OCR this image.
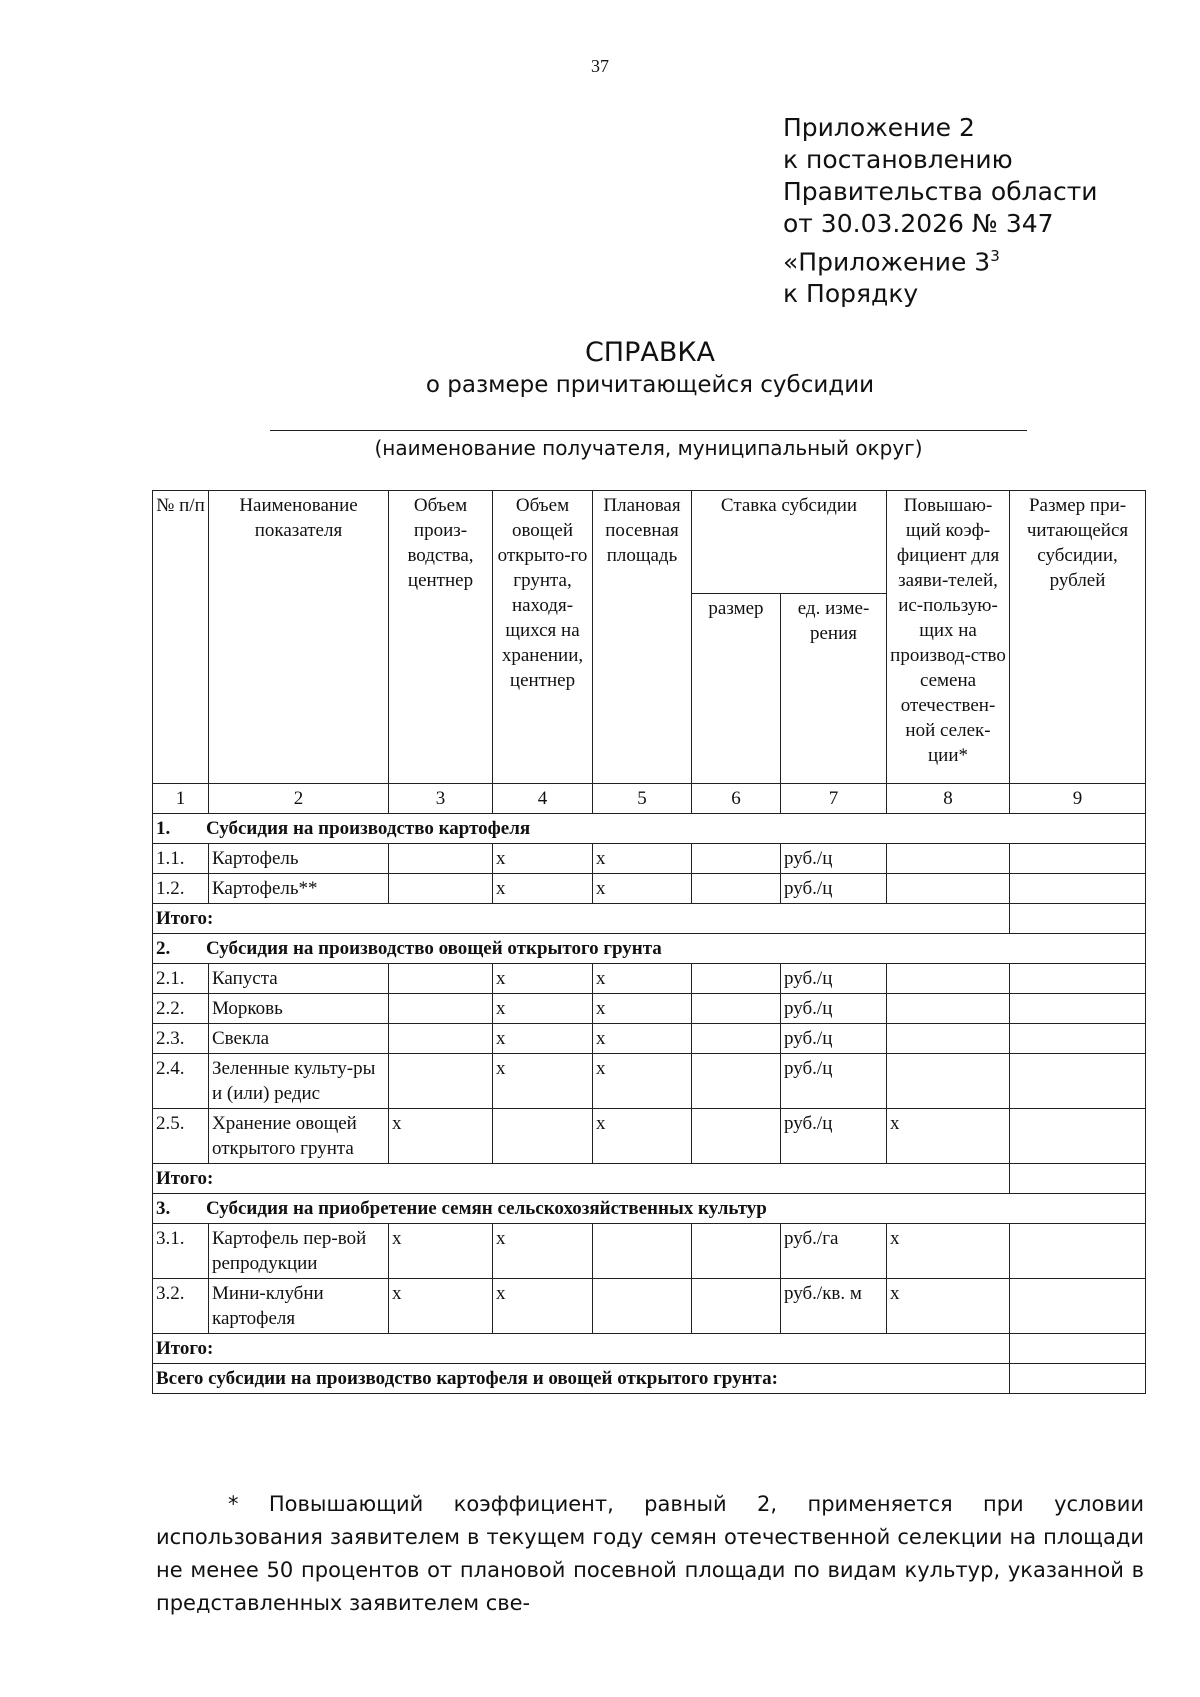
37
Приложение 2
к постановлению
Правительства области
от 30.03.2026 № 347
«Приложение $3^3$
к Порядку
СПРАВКА
о размере причитающейся субсидии
(наименование получателя, муниципальный округ)
№ п/п	Наименование показателя	Объем произ-водства, центнер	Объем овощей открыто-го грунта, находя-щихся на хранении, центнер	Плановая посевная площадь	Ставка субсидии		Повышаю-щий коэф-фициент для заяви-телей, ис-пользую-щих на производ-ство семена отечествен-ной селек-ции*	Размер при-читающейся субсидии, рублей
					размер	ед. изме-рения		
1	2	3	4	5	6	7	8	9
1. Субсидия на производство картофеля								
1.1.	Картофель		x	x		руб./ц		
1.2.	Картофель**		x	x		руб./ц		
Итого:								
2. Субсидия на производство овощей открытого грунта								
2.1.	Капуста		x	x		руб./ц		
2.2.	Морковь		x	x		руб./ц		
2.3.	Свекла		x	x		руб./ц		
2.4.	Зеленные культу-ры и (или) редис		x	x		руб./ц		
2.5.	Хранение овощей открытого грунта	x		x		руб./ц	x	
Итого:								
3. Субсидия на приобретение семян сельскохозяйственных культур								
3.1.	Картофель пер-вой репродукции	x	x			руб./га	x	
3.2.	Мини-клубни картофеля	x	x			руб./кв. м	x	
Итого:								
Всего субсидии на производство картофеля и овощей открытого грунта:								
* Повышающий коэффициент, равный 2, применяется при условии использования заявителем в текущем году семян отечественной селекции на площади не менее 50 процентов от плановой посевной площади по видам культур, указанной в представленных заявителем све-
